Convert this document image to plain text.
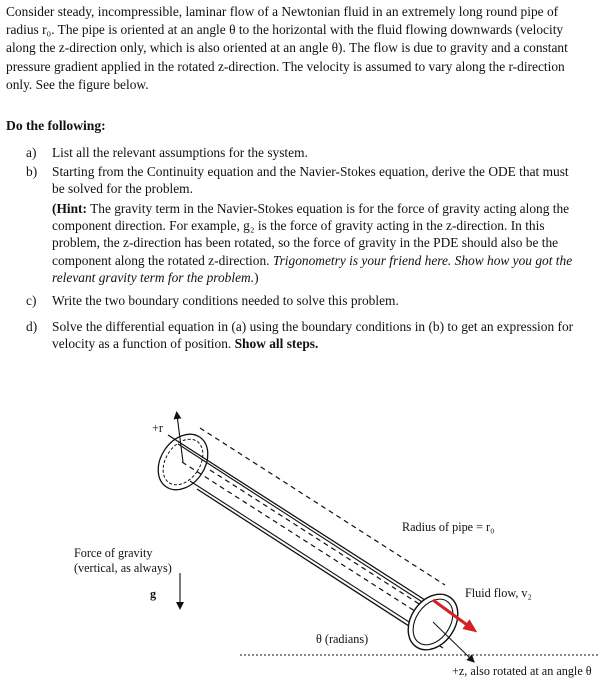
Consider steady, incompressible, laminar flow of a Newtonian fluid in an extremely long round pipe of
radius r₀. The pipe is oriented at an angle θ to the horizontal with the fluid flowing downwards (velocity
along the z-direction only, which is also oriented at an angle θ). The flow is due to gravity and a constant
pressure gradient applied in the rotated z-direction. The velocity is assumed to vary along the r-direction
only. See the figure below.
Do the following:
a)	List all the relevant assumptions for the system.
b)	Starting from the Continuity equation and the Navier-Stokes equation, derive the ODE that must
be solved for the problem.
(Hint: The gravity term in the Navier-Stokes equation is for the force of gravity acting along the
component direction. For example, g₂ is the force of gravity acting in the z-direction. In this
problem, the z-direction has been rotated, so the force of gravity in the PDE should also be the
component along the rotated z-direction. Trigonometry is your friend here. Show how you got the
relevant gravity term for the problem.)
c)	Write the two boundary conditions needed to solve this problem.
d)	Solve the differential equation in (a) using the boundary conditions in (b) to get an expression for
velocity as a function of position. Show all steps.
+r
Force of gravity
(vertical, as always)
g
Radius of pipe = r₀
Fluid flow, v₂
θ (radians)
+z, also rotated at an angle θ
